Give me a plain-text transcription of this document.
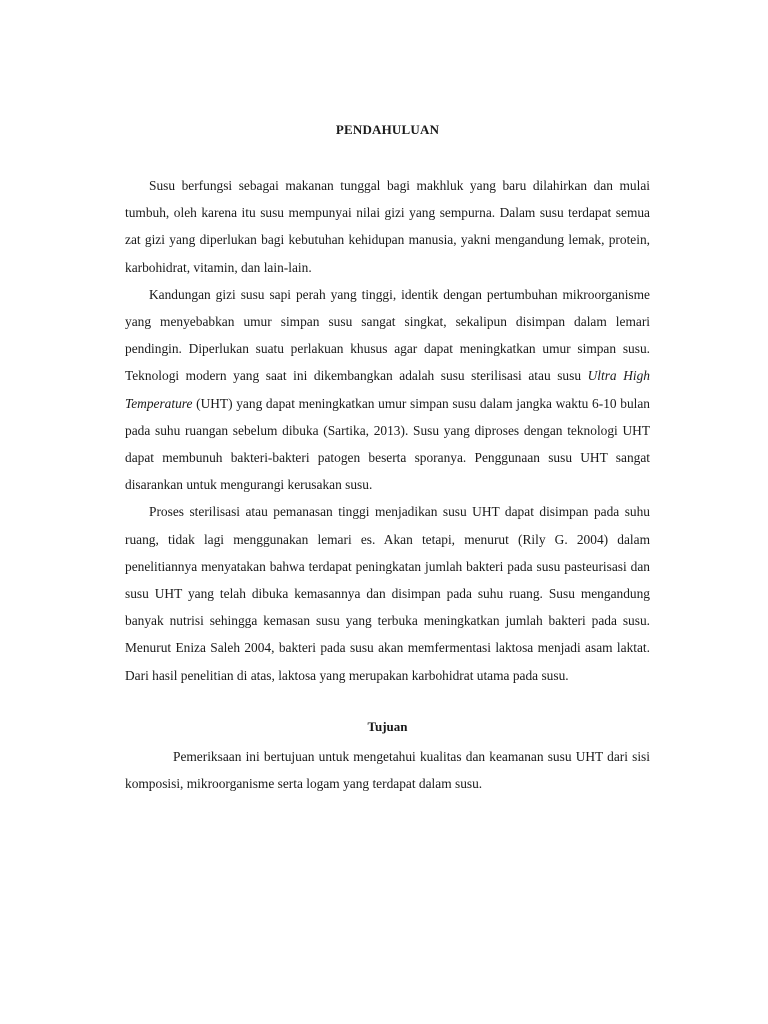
PENDAHULUAN

Susu berfungsi sebagai makanan tunggal bagi makhluk yang baru dilahirkan dan mulai tumbuh, oleh karena itu susu mempunyai nilai gizi yang sempurna. Dalam susu terdapat semua zat gizi yang diperlukan bagi kebutuhan kehidupan manusia, yakni mengandung lemak, protein, karbohidrat, vitamin, dan lain-lain.

Kandungan gizi susu sapi perah yang tinggi, identik dengan pertumbuhan mikroorganisme yang menyebabkan umur simpan susu sangat singkat, sekalipun disimpan dalam lemari pendingin. Diperlukan suatu perlakuan khusus agar dapat meningkatkan umur simpan susu. Teknologi modern yang saat ini dikembangkan adalah susu sterilisasi atau susu Ultra High Temperature (UHT) yang dapat meningkatkan umur simpan susu dalam jangka waktu 6-10 bulan pada suhu ruangan sebelum dibuka (Sartika, 2013). Susu yang diproses dengan teknologi UHT dapat membunuh bakteri-bakteri patogen beserta sporanya. Penggunaan susu UHT sangat disarankan untuk mengurangi kerusakan susu.

Proses sterilisasi atau pemanasan tinggi menjadikan susu UHT dapat disimpan pada suhu ruang, tidak lagi menggunakan lemari es. Akan tetapi, menurut (Rily G. 2004) dalam penelitiannya menyatakan bahwa terdapat peningkatan jumlah bakteri pada susu pasteurisasi dan susu UHT yang telah dibuka kemasannya dan disimpan pada suhu ruang. Susu mengandung banyak nutrisi sehingga kemasan susu yang terbuka meningkatkan jumlah bakteri pada susu. Menurut Eniza Saleh 2004, bakteri pada susu akan memfermentasi laktosa menjadi asam laktat. Dari hasil penelitian di atas, laktosa yang merupakan karbohidrat utama pada susu.

Tujuan

Pemeriksaan ini bertujuan untuk mengetahui kualitas dan keamanan susu UHT dari sisi komposisi, mikroorganisme serta logam yang terdapat dalam susu.
